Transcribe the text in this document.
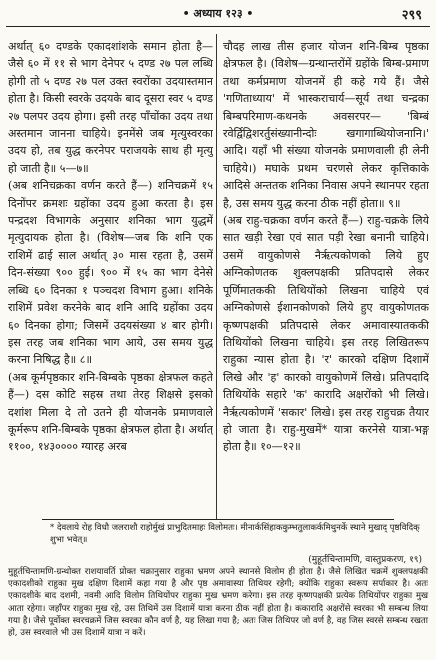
• अध्याय १२३ •	२९९

अर्थात् ६० दण्डके एकादशांशके समान होता है—जैसे ६० में ११ से भाग देनेपर ५ दण्ड २७ पल लब्धि होगी तो ५ दण्ड २७ पल उक्त स्वरोंका उदयास्तमान होता है। किसी स्वरके उदयके बाद दूसरा स्वर ५ दण्ड २७ पलपर उदय होगा। इसी तरह पाँचोंका उदय तथा अस्तमान जानना चाहिये। इनमेंसे जब मृत्युस्वरका उदय हो, तब युद्ध करनेपर पराजयके साथ ही मृत्यु हो जाती है॥ ५—७॥

(अब शनिचक्रका वर्णन करते हैं—) शनिचक्रमें १५ दिनोंपर क्रमशः ग्रहोंका उदय हुआ करता है। इस पन्द्रदश विभागके अनुसार शनिका भाग युद्धमें मृत्युदायक होता है। (विशेष—जब कि शनि एक राशिमें ढाई साल अर्थात् ३० मास रहता है, उसमें दिन-संख्या ९०० हुई। ९०० में १५ का भाग देनेसे लब्धि ६० दिनका १ पञ्चदश विभाग हुआ। शनिके राशिमें प्रवेश करनेके बाद शनि आदि ग्रहोंका उदय ६० दिनका होगा; जिसमें उदयसंख्या ४ बार होगी। इस तरह जब शनिका भाग आये, उस समय युद्ध करना निषिद्ध है॥ ८॥

(अब कूर्मपृष्ठकार शनि-बिम्बके पृष्ठका क्षेत्रफल कहते हैं—) दस कोटि सहस्र तथा तेरह शिक्षसे इसको दशांश मिला दे तो उतने ही योजनके प्रमाणवाले कूर्मरूप शनि-बिम्बके पृष्ठका क्षेत्रफल होता है। अर्थात् ११००, १४३०००० ग्यारह अरब

चौदह लाख तीस हजार योजन शनि-बिम्ब पृष्ठका क्षेत्रफल है। (विशेष—ग्रन्थान्तरोंमें ग्रहोंके बिम्ब-प्रमाण तथा कर्मप्रमाण योजनमें ही कहे गये हैं। जैसे 'गणिताध्याय' में भास्कराचार्य—सूर्य तथा चन्द्रका बिम्बपरिमाण-कथनके अवसरपर— 'बिम्बं रवेर्द्विद्विशरर्तुसंख्यानीन्दोः खगागाब्धियोजनानि।' आदि। यहाँ भी संख्या योजनके प्रमाणवाली ही लेनी चाहिये।) मघाके प्रथम चरणसे लेकर कृत्तिकाके आदिसे अन्ततक शनिका निवास अपने स्थानपर रहता है, उस समय युद्ध करना ठीक नहीं होता॥ ९॥

(अब राहु-चक्रका वर्णन करते हैं—) राहु-चक्रके लिये सात खड़ी रेखा एवं सात पड़ी रेखा बनानी चाहिये। उसमें वायुकोणसे नैर्ऋत्यकोणको लिये हुए अग्निकोणतक शुक्लपक्षकी प्रतिपदासे लेकर पूर्णिमातककी तिथियोंको लिखना चाहिये एवं अग्निकोणसे ईशानकोणको लिये हुए वायुकोणतक कृष्णपक्षकी प्रतिपदासे लेकर अमावास्यातककी तिथियोंको लिखना चाहिये। इस तरह लिखितरूप राहुका न्यास होता है। 'र' कारको दक्षिण दिशामें लिखे और 'ह' कारको वायुकोणमें लिखे। प्रतिपदादि तिथियोंके सहारे 'क' कारादि अक्षरोंको भी लिखे। नैर्ऋत्यकोणमें 'सकार' लिखे। इस तरह राहुचक्र तैयार हो जाता है। राहु-मुखमें* यात्रा करनेसे यात्रा-भङ्ग होता है॥ १०—१२॥

* देवलाये रोह विधौ जलराशौ राहोर्मुखं प्राभुदितमाहः विलोमतः। मीनार्कसिंहाककुम्भतुलाकर्कमिथुनर्के स्थाने मुखाद् पृष्ठविदिक् शुभा भवेत्॥
(मुहूर्तचिन्तामणि, वास्तुप्रकरण, १९)
मुहूर्तचिन्तामणि-ग्रन्थोक्त राशयावर्ति प्रोक्त चक्रानुसार राहुका भ्रमण अपने स्थानसे विलोम ही होता है। जैसे लिखित चक्रमें शुक्लपक्षकी एकादशीको राहुका मुख दक्षिण दिशामें कहा गया है और पृष्ठ अमावास्या तिथियर रहेगी; क्योंकि राहुका स्वरूप सर्पाकार है। अतः एकादशीके बाद दशमी, नवमी आदि विलोम तिथियोंपर राहुका मुख भ्रमण करेगा। इस तरह कृष्णपक्षकी प्रत्येक तिथियोंपर राहुका मुख आता रहेगा। जहाँपर राहुका मुख रहे, उस तिथिमें उस दिशामें यात्रा करना ठीक नहीं होता है। ककारादि अक्षरोंसे स्वरका भी सम्बन्ध लिया गया है। जैसे पूर्वोक्त स्वरचक्रमें जिस स्वरका कौन वर्ण है, यह लिखा गया है; अतः जिस तिथिपर जो वर्ण है, वह जिस स्वरसे सम्बन्ध रखता हो, उस स्वरवाले भी उस दिशामें यात्रा न करें।
